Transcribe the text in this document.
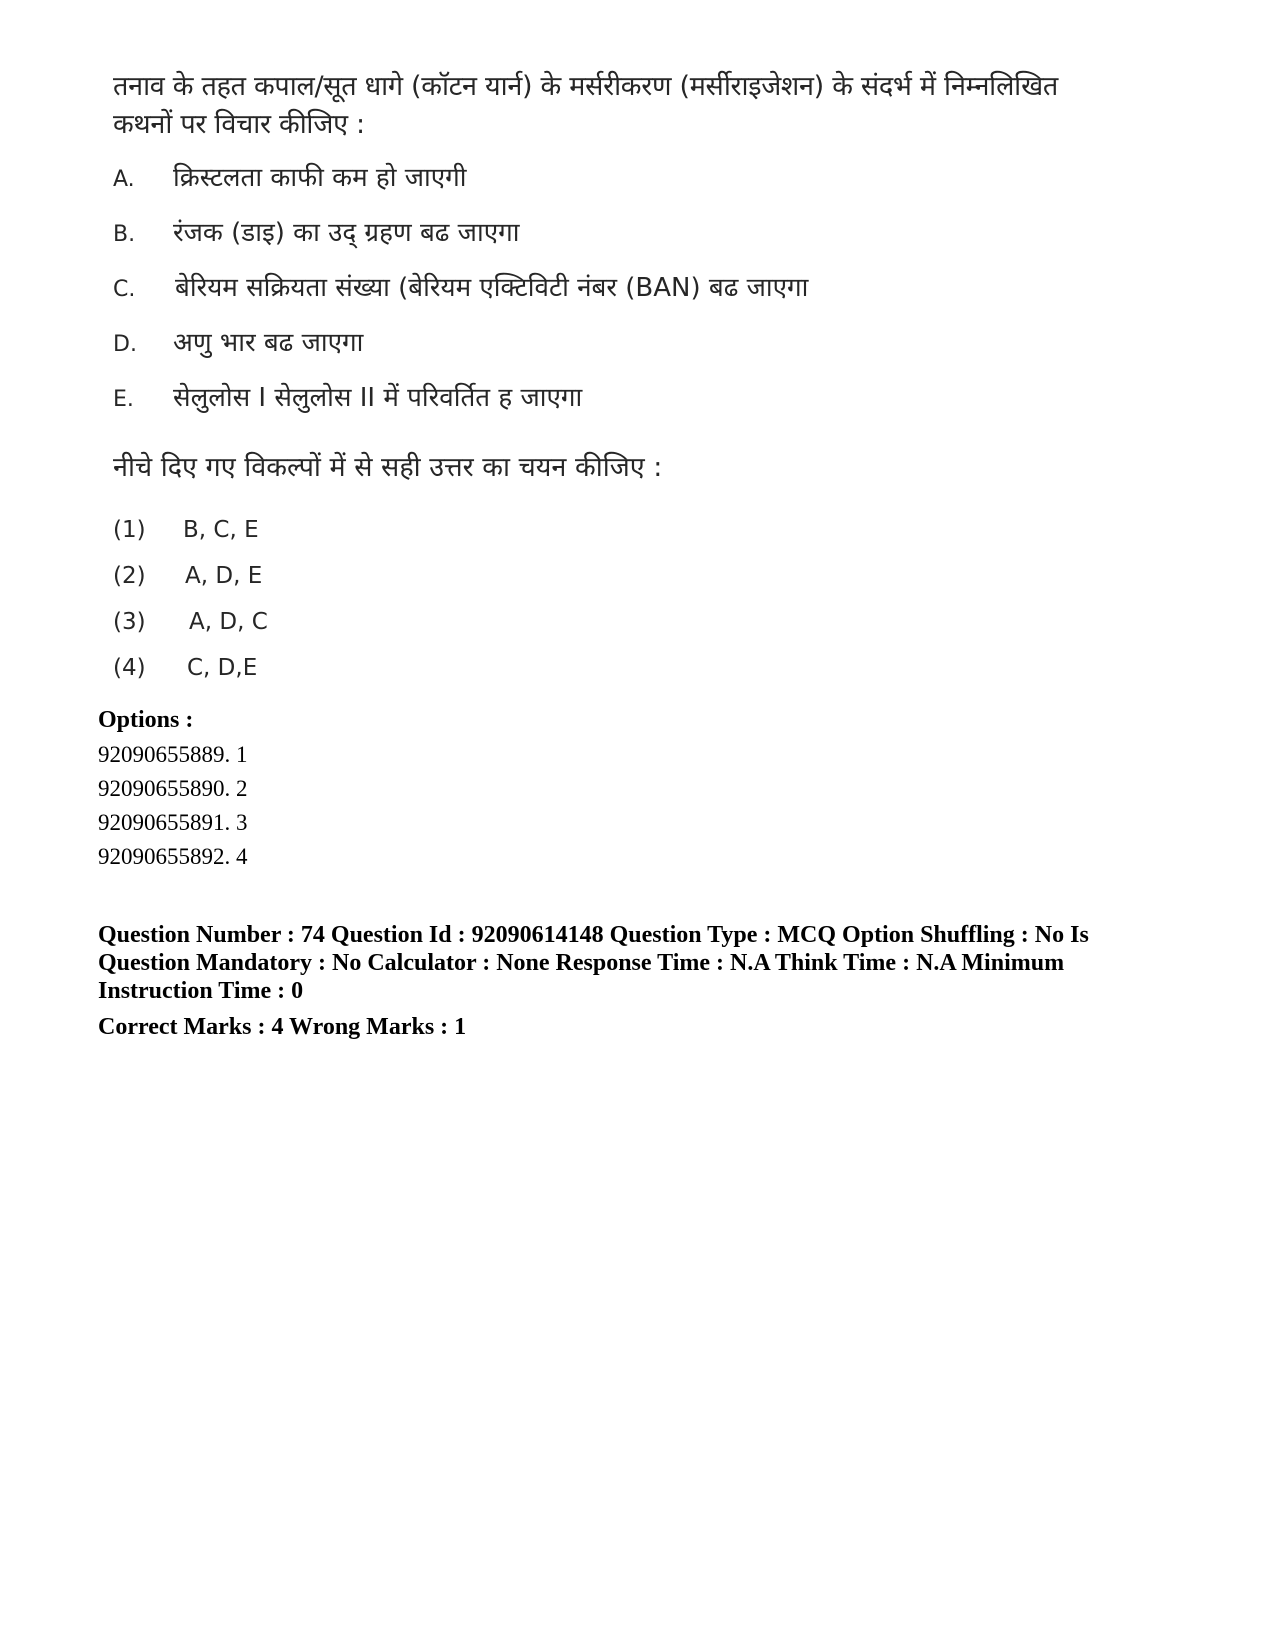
तनाव के तहत कपाल/सूत धागे (कॉटन यार्न) के मर्सरीकरण (मर्सीराइजेशन) के संदर्भ में निम्नलिखित कथनों पर विचार कीजिए :
A. क्रिस्टलता काफी कम हो जाएगी
B. रंजक (डाइ) का उद् ग्रहण बढ जाएगा
C. बेरियम सक्रियता संख्या (बेरियम एक्टिविटी नंबर (BAN) बढ जाएगा
D. अणु भार बढ जाएगा
E. सेलुलोस I सेलुलोस II में परिवर्तित ह जाएगा
नीचे दिए गए विकल्पों में से सही उत्तर का चयन कीजिए :
(1) B, C, E
(2) A, D, E
(3) A, D, C
(4) C, D,E
Options :
92090655889. 1
92090655890. 2
92090655891. 3
92090655892. 4
Question Number : 74 Question Id : 92090614148 Question Type : MCQ Option Shuffling : No Is Question Mandatory : No Calculator : None Response Time : N.A Think Time : N.A Minimum Instruction Time : 0
Correct Marks : 4 Wrong Marks : 1
